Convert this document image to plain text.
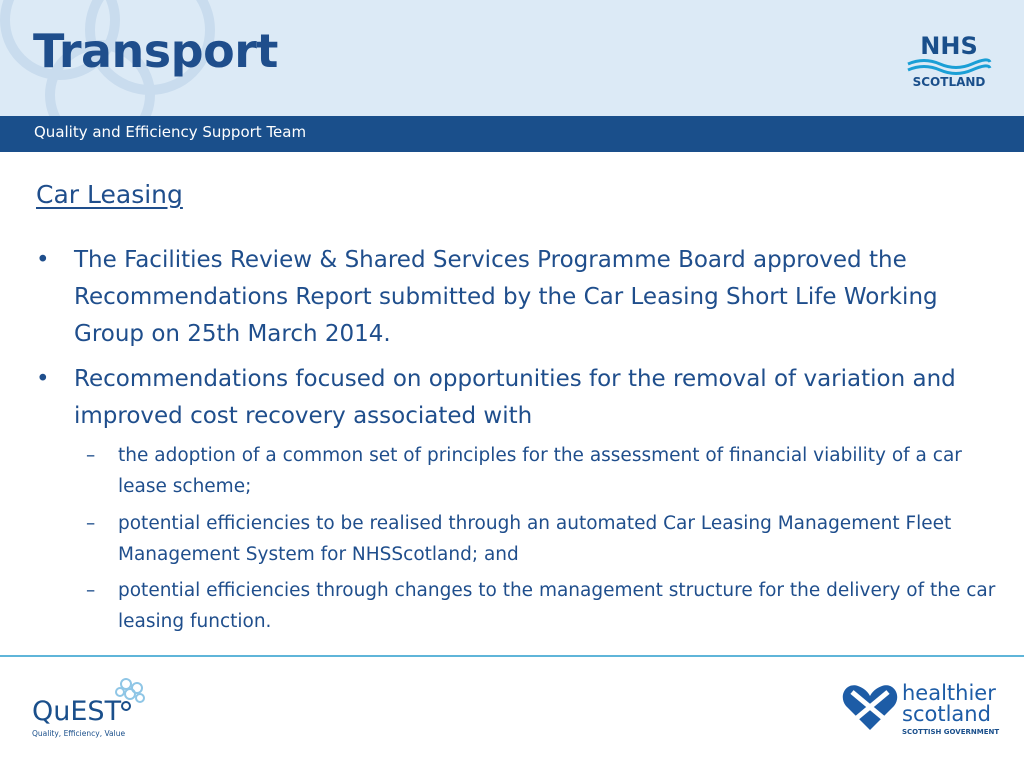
Transport	NHS
SCOTLAND
Quality and Efficiency Support Team
Car Leasing
• The Facilities Review & Shared Services Programme Board approved the Recommendations Report submitted by the Car Leasing Short Life Working Group on 25th March 2014.
• Recommendations focused on opportunities for the removal of variation and improved cost recovery associated with
– the adoption of a common set of principles for the assessment of financial viability of a car lease scheme;
– potential efficiencies to be realised through an automated Car Leasing Management Fleet Management System for NHSScotland; and
– potential efficiencies through changes to the management structure for the delivery of the car leasing function.
QuEST
Quality, Efficiency, Value
healthier
scotland
SCOTTISH GOVERNMENT
